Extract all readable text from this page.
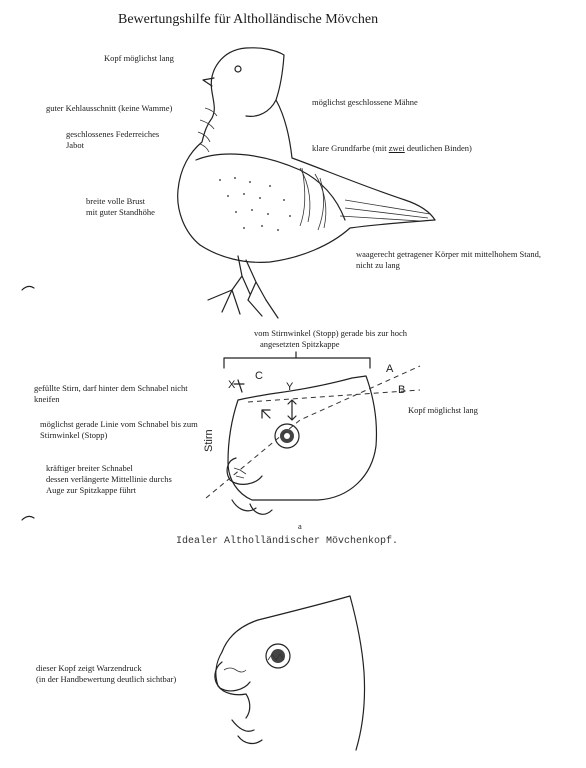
Bewertungshilfe für Altholländische Mövchen
X
C
Y
A
B
Stirn
Kopf möglichst lang
guter Kehlausschnitt (keine Wamme)
möglichst geschlossene Mähne
geschlossenes Federreiches
Jabot	klare Grundfarbe (mit zwei deutlichen Binden)
breite volle Brust
mit guter Standhöhe
waagerecht getragener Körper mit mittelhohem Stand,
nicht zu lang
vom Stirnwinkel (Stopp) gerade bis zur hoch
angesetzten Spitzkappe
gefüllte Stirn, darf hinter dem Schnabel nicht
kneifen
möglichst gerade Linie vom Schnabel bis zum
Stirnwinkel (Stopp)
Kopf möglichst lang
kräftiger breiter Schnabel
dessen verlängerte Mittellinie durchs
Auge zur Spitzkappe führt
a
Idealer Altholländischer Mövchenkopf.
dieser Kopf zeigt Warzendruck
(in der Handbewertung deutlich sichtbar)
